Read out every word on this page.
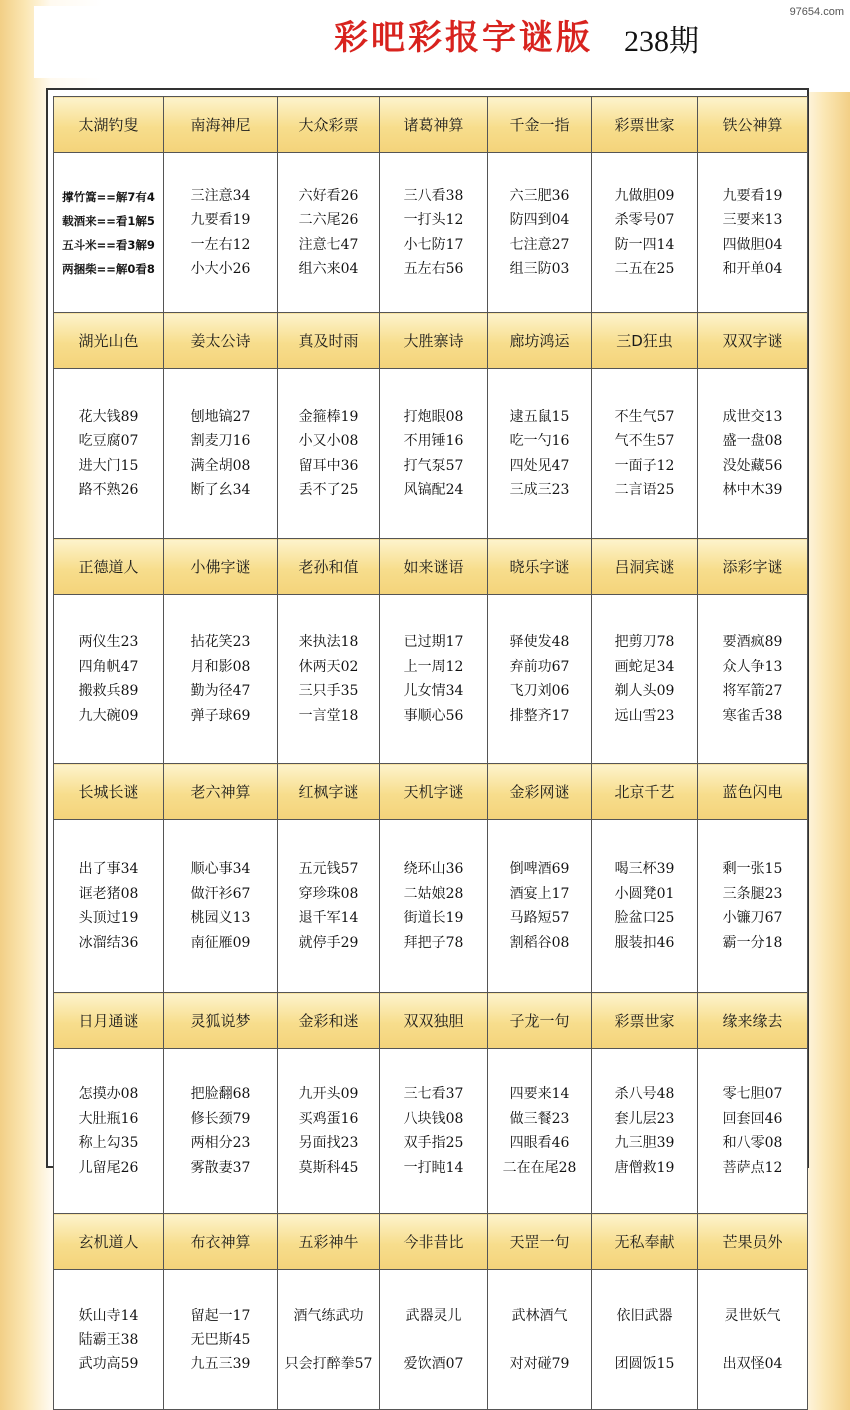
彩吧彩报字谜版 238期
97654.com
太湖钓叟	南海神尼	大众彩票	诸葛神算	千金一指	彩票世家	铁公神算

撑竹篙==解7有4
载酒来==看1解5
五斗米==看3解9
两捆柴==解0看8	三注意34
九要看19
一左右12
小大小26	六好看26
二六尾26
注意七47
组六来04	三八看38
一打头12
小七防17
五左右56	六三肥36
防四到04
七注意27
组三防03	九做胆09
杀零号07
防一四14
二五在25	九要看19
三要来13
四做胆04
和开单04

湖光山色	姜太公诗	真及时雨	大胜寨诗	廊坊鸿运	三D狂虫	双双字谜

花大钱89
吃豆腐07
进大门15
路不熟26	刨地镐27
割麦刀16
满全胡08
断了幺34	金箍棒19
小又小08
留耳中36
丢不了25	打炮眼08
不用锤16
打气泵57
风镐配24	逮五鼠15
吃一勺16
四处见47
三成三23	不生气57
气不生57
一面子12
二言语25	成世交13
盛一盘08
没处藏56
林中木39

正德道人	小佛字谜	老孙和值	如来谜语	晓乐字谜	吕洞宾谜	添彩字谜

两仪生23
四角帆47
搬救兵89
九大碗09	拈花笑23
月和影08
勤为径47
弹子球69	来执法18
休两天02
三只手35
一言堂18	已过期17
上一周12
儿女情34
事顺心56	驿使发48
弃前功67
飞刀刘06
排整齐17	把剪刀78
画蛇足34
剃人头09
远山雪23	要酒疯89
众人争13
将军箭27
寒雀舌38

长城长谜	老六神算	红枫字谜	天机字谜	金彩网谜	北京千艺	蓝色闪电

出了事34
诓老猪08
头顶过19
冰溜结36	顺心事34
做汗衫67
桃园义13
南征雁09	五元钱57
穿珍珠08
退千军14
就停手29	绕环山36
二姑娘28
街道长19
拜把子78	倒啤酒69
酒宴上17
马路短57
割稻谷08	喝三杯39
小圆凳01
脸盆口25
服装扣46	剩一张15
三条腿23
小镰刀67
霸一分18

日月通谜	灵狐说梦	金彩和迷	双双独胆	子龙一句	彩票世家	缘来缘去

怎摸办08
大肚瓶16
称上勾35
儿留尾26	把脸翻68
修长颈79
两相分23
雾散妻37	九开头09
买鸡蛋16
另面找23
莫斯科45	三七看37
八块钱08
双手指25
一打盹14	四要来14
做三餐23
四眼看46
二在在尾28	杀八号48
套儿层23
九三胆39
唐僧救19	零七胆07
回套回46
和八零08
菩萨点12

玄机道人	布衣神算	五彩神牛	今非昔比	天罡一句	无私奉献	芒果员外

妖山寺14
陆霸王38
武功高59	留起一17
无巴斯45
九五三39	酒气练武功
只会打醉拳57	武器灵儿
爱饮酒07	武林酒气
对对碰79	依旧武器
团圆饭15	灵世妖气
出双怪04
